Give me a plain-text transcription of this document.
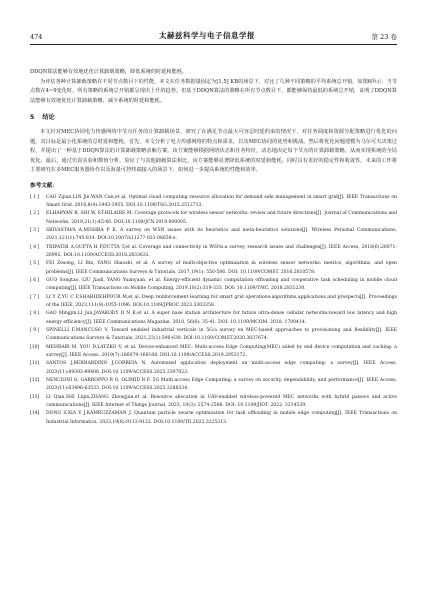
474	太赫兹科学与电子信息学报	第 23 卷

DDQN算法能够有效地优化计算卸载策略，降低系统的时延和能耗。

为评估各种计算卸载策略在不同节点数目下的性能，本文在任务数据量固定为[1,5] KB的场景下，对比了几种不同策略的平均系统总开销。如图6所示，当节点数在4~9变化时，所有策略的系统总开销都呈现出上升的趋势。但基于DDQN算法的策略在所有节点数目下，都能够保持最低的系统总开销，证明了DDQN算法能够有效地优化计算卸载策略，减少系统的时延和能耗。

5 结论

本文针对MEC协同电力传感网络中节点任务的计算卸载场景，研究了在满足节点最大可容忍时延约束的情况下，对任务调度和资源分配策略进行优化的问题，其目标是最小化系统的总时延和能耗。首先，本文分析了电力传感网络的特点和需求，以及MEC协同的优势和挑战。然后将优化问题建模为马尔可夫决策过程，并提出了一种基于DDQN算法的计算卸载策略求解方案。该方案能够根据网络状态和任务特征，动态地决定每个节点的计算卸载策略，从而实现系统的全局优化。最后，通过仿真实验和数值分析，验证了与其他卸载算法相比，该方案能够显著降低系统的时延和能耗，同时具有更好的稳定性和收敛性。未来的工作将主要研究在多MEC服务器协作以及海量可控终端接入的场景下，如何进一步提高系统的性能和效率。

参考文献：
[ 1 ]	CAO Zijian,LIN Jin,WAN Can,et al. Optimal cloud computing resource allocation for demand side management in smart grid[J]. IEEE Transactions on Smart Grid, 2016,8(4):1943-1955. DOI:10.1109/TSG.2015.2512712.
[ 2 ]	ELHABYAN R, SHI W, ST-HILAIRE M. Coverage protocols for wireless sensor networks: review and future directions[J]. Journal of Communications and Networks, 2019,21(1):45-60. DOI:10.1109/JCN.2019.000005.
[ 3 ]	SRIVASTAVA A,MISHRA P K. A survey on WSN issues with its heuristics and meta-heuristics solutions[J]. Wireless Personal Communications, 2021,121(1):745-814. DOI:10.1007/s11277-021-08659-x.
[ 4 ]	TRIPATHI A,GUPTA H P,DUTTA T,et al. Coverage and connectivity in WSNs:a survey, research issues and challenges[J]. IEEE Access, 2018(6):26971-26992. DOI:10.1109/ACCESS.2018.2833632.
[ 5 ]	FEI Zesong, LI Bin, YANG Shaoshi, et al. A survey of multi-objective optimization in wireless sensor networks: metrics, algorithms, and open problems[J]. IEEE Communications Surveys & Tutorials, 2017,19(1): 550-586. DOI: 10.1109/COMST. 2016.2610578.
[ 6 ]	GUO Songtao, LIU Jiadi, YANG Yuanyuan, et al. Energy-efficient dynamic computation offloading and cooperative task scheduling in mobile cloud computing[J]. IEEE Transactions on Mobile Computing, 2019,18(2):319-333. DOI: 10.1109/TMC. 2018.2831230.
[ 7 ]	LI Y Z,YU C F,SHAHIDEHPOUR M,et al. Deep reinforcement learning for smart grid operations:algorithms,applications,and prospects[J]. Proceedings of the IEEE, 2023,111(9):1055-1096. DOI:10.1109/JPROC.2023.3303358.
[ 8 ]	GAO Mingjin,LI Jun,JAYAKODY D N K,et al. A super base station architecture for future ultra-dense cellular networks:toward low latency and high energy efficiency[J]. IEEE Communications Magazine, 2018, 56(6): 35-41. DOI: 10.1109/MCOM. 2018. 1700414.
[ 9 ]	SPINELLI F,MANCUSO V. Toward enabled industrial verticals in 5G:a survey on MEC-based approaches to provisioning and flexibility[J]. IEEE Communications Surveys & Tutorials, 2021,23(1):596-630. DOI:10.1109/COMST.2020.3037674.
[10]	MEHRABI M, YOU D,LATZKO V, et al. Device-enhanced MEC: Multi-access Edge Computing(MEC) aided by end device computation and caching: a survey[J]. IEEE Access, 2019(7):166079-166108. DOI:10.1109/ACCESS.2019.2953172.
[11]	SANTOS J,BERNARDINO J,CORREIA N. Automated application deployment on multi-access edge computing: a survey[J]. IEEE Access, 2023(11):89393-89408. DOI:10.1109/ACCESS.2023.3307023.
[12]	NENCIONI G, GARROPPO R G, OLIMID R F. 5G Multi-access Edge Computing: a survey on security, dependability, and performance[J]. IEEE Access, 2023(11):63496-63533. DOI:10.1109/ACCESS.2023.3288334.
[13]	LI Qian,SHI Liqin,ZHANG Zhongjun,et al. Resource allocation in UAV-enabled wireless-powered MEC networks with hybrid passive and active communications[J]. IEEE Internet of Things Journal, 2023, 10(3): 2574-2588. DOI: 10.1109/JIOT. 2022. 3214539.
[14]	DONG S,XIA Y J,KAMRUZZAMAN J. Quantum particle swarm optimization for task offloading in mobile edge computing[J]. IEEE Transactions on Industrial Informatics, 2023,19(8):9113-9122. DOI:10.1109/TII.2022.3225313.
